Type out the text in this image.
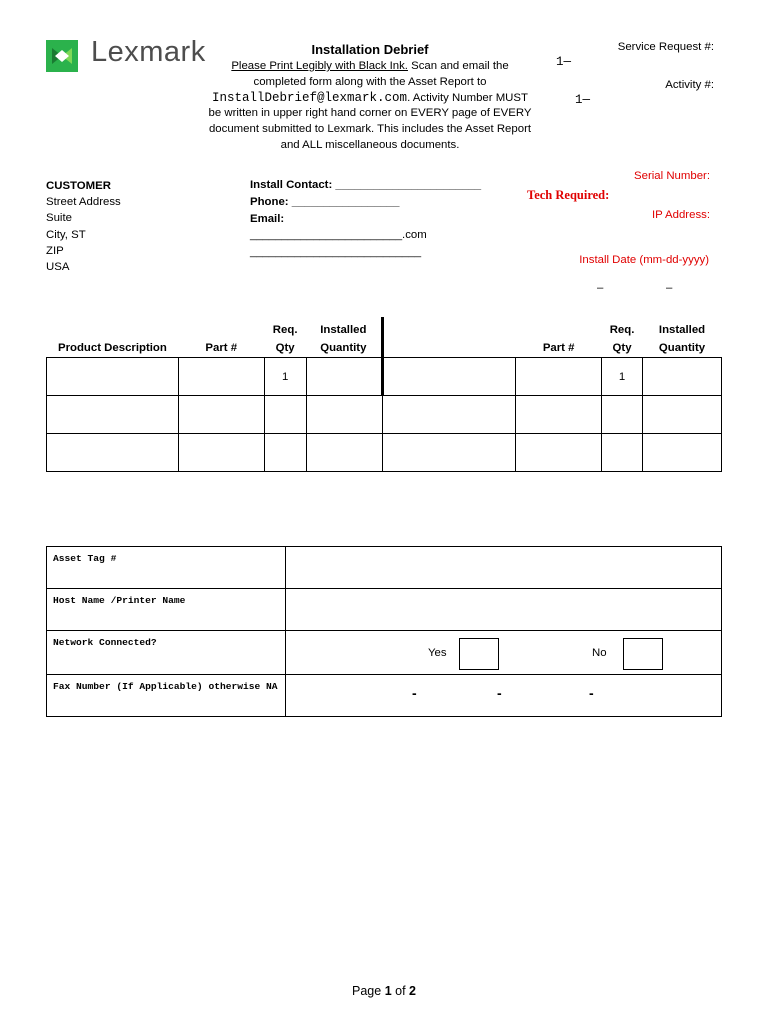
Lexmark	Installation Debrief
Please Print Legibly with Black Ink. Scan and email the completed form along with the Asset Report to InstallDebrief@lexmark.com. Activity Number MUST be written in upper right hand corner on EVERY page of EVERY document submitted to Lexmark. This includes the Asset Report and ALL miscellaneous documents.
Service Request #:
1—
Activity #:
1—
CUSTOMER
Street Address
Suite
City, ST
ZIP
USA
Install Contact: _______________________
Phone: _________________
Email:
________________________.com
___________________________
Serial Number:
Tech Required:
IP Address:
Install Date (mm-dd-yyyy)
–	–
Product Description	Part #	Req. Qty	Installed Quantity		Part #	Req. Qty	Installed Quantity
		1				1	

Asset Tag #	
Host Name /Printer Name	
Network Connected?	Yes No

Fax Number (If Applicable) otherwise NA	- - -
Page 1 of 2
